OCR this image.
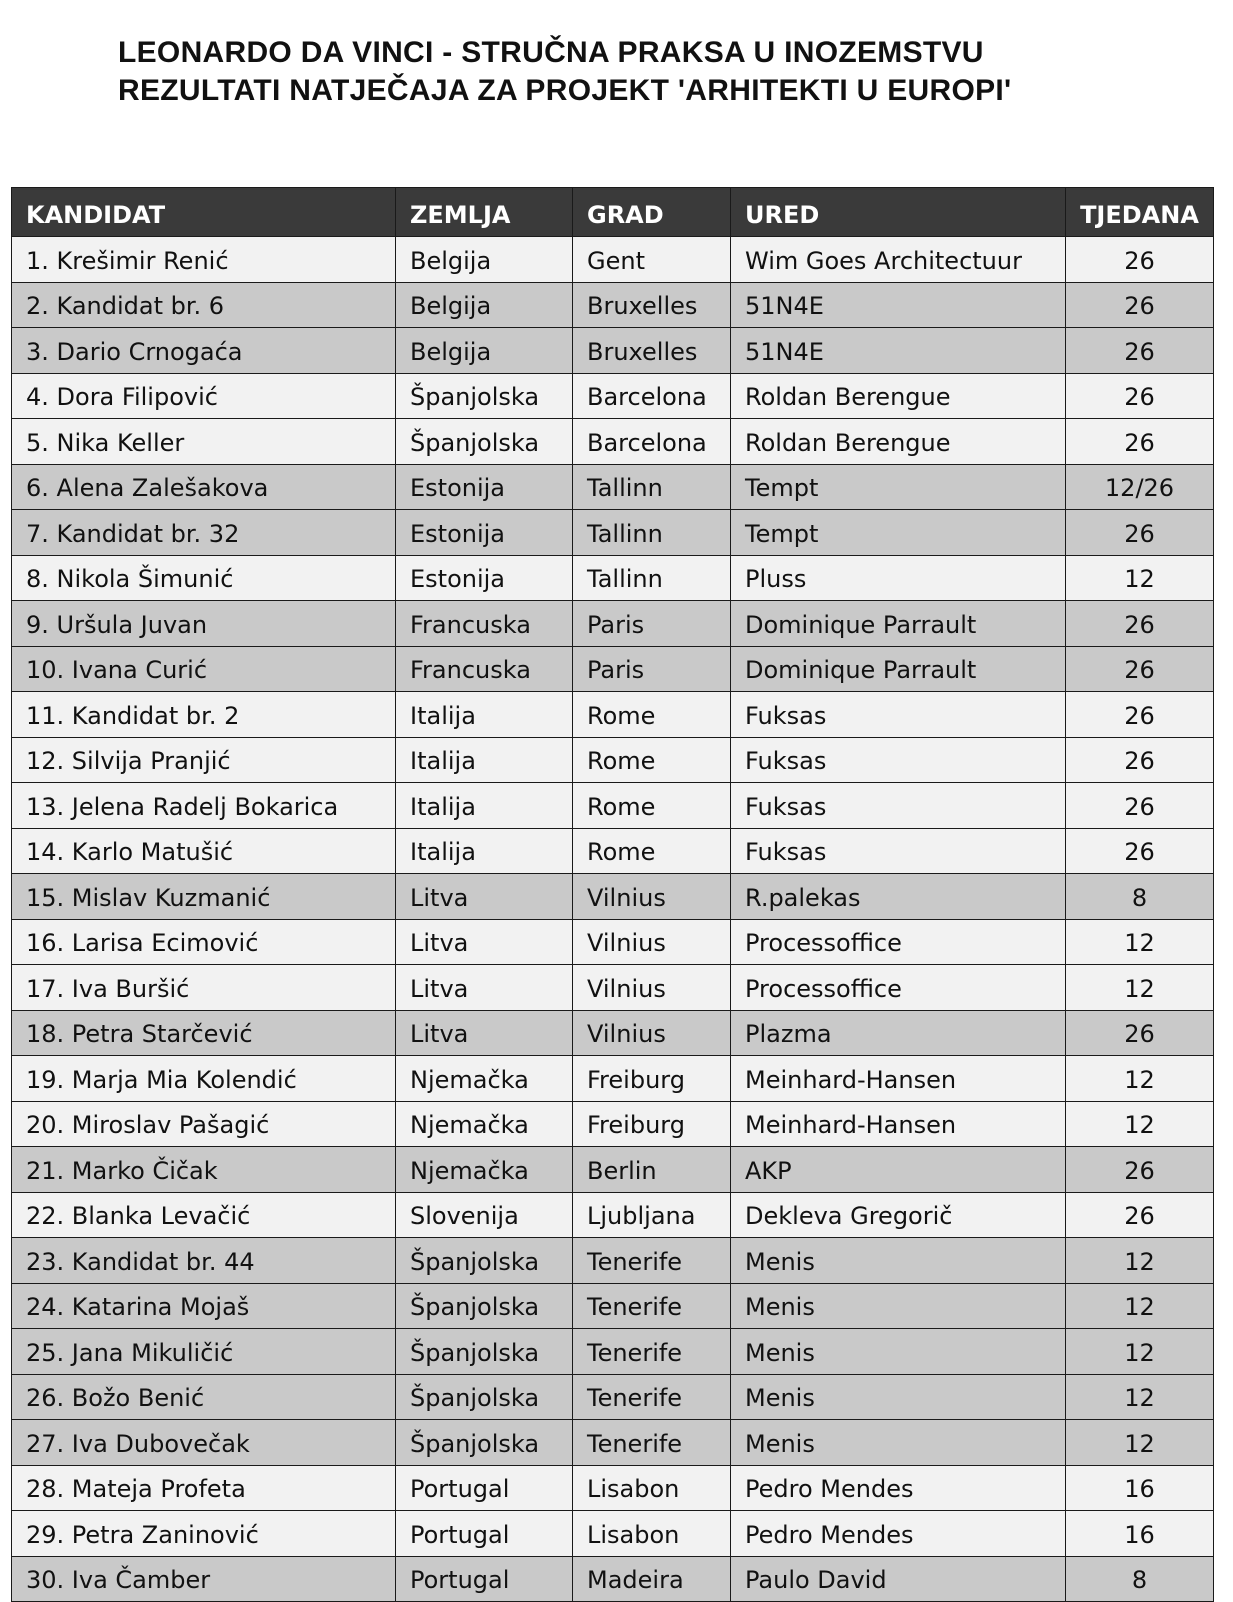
LEONARDO DA VINCI - STRUČNA PRAKSA U INOZEMSTVU
REZULTATI NATJEČAJA ZA PROJEKT 'ARHITEKTI U EUROPI'
KANDIDAT	ZEMLJA	GRAD	URED	TJEDANA
1. Krešimir Renić	Belgija	Gent	Wim Goes Architectuur	26
2. Kandidat br. 6	Belgija	Bruxelles	51N4E	26
3. Dario Crnogaća	Belgija	Bruxelles	51N4E	26
4. Dora Filipović	Španjolska	Barcelona	Roldan Berengue	26
5. Nika Keller	Španjolska	Barcelona	Roldan Berengue	26
6. Alena Zalešakova	Estonija	Tallinn	Tempt	12/26
7. Kandidat br. 32	Estonija	Tallinn	Tempt	26
8. Nikola Šimunić	Estonija	Tallinn	Pluss	12
9. Uršula Juvan	Francuska	Paris	Dominique Parrault	26
10. Ivana Curić	Francuska	Paris	Dominique Parrault	26
11. Kandidat br. 2	Italija	Rome	Fuksas	26
12. Silvija Pranjić	Italija	Rome	Fuksas	26
13. Jelena Radelj Bokarica	Italija	Rome	Fuksas	26
14. Karlo Matušić	Italija	Rome	Fuksas	26
15. Mislav Kuzmanić	Litva	Vilnius	R.palekas	8
16. Larisa Ecimović	Litva	Vilnius	Processoffice	12
17. Iva Buršić	Litva	Vilnius	Processoffice	12
18. Petra Starčević	Litva	Vilnius	Plazma	26
19. Marja Mia Kolendić	Njemačka	Freiburg	Meinhard-Hansen	12
20. Miroslav Pašagić	Njemačka	Freiburg	Meinhard-Hansen	12
21. Marko Čičak	Njemačka	Berlin	AKP	26
22. Blanka Levačić	Slovenija	Ljubljana	Dekleva Gregorič	26
23. Kandidat br. 44	Španjolska	Tenerife	Menis	12
24. Katarina Mojaš	Španjolska	Tenerife	Menis	12
25. Jana Mikuličić	Španjolska	Tenerife	Menis	12
26. Božo Benić	Španjolska	Tenerife	Menis	12
27. Iva Dubovečak	Španjolska	Tenerife	Menis	12
28. Mateja Profeta	Portugal	Lisabon	Pedro Mendes	16
29. Petra Zaninović	Portugal	Lisabon	Pedro Mendes	16
30. Iva Čamber	Portugal	Madeira	Paulo David	8
